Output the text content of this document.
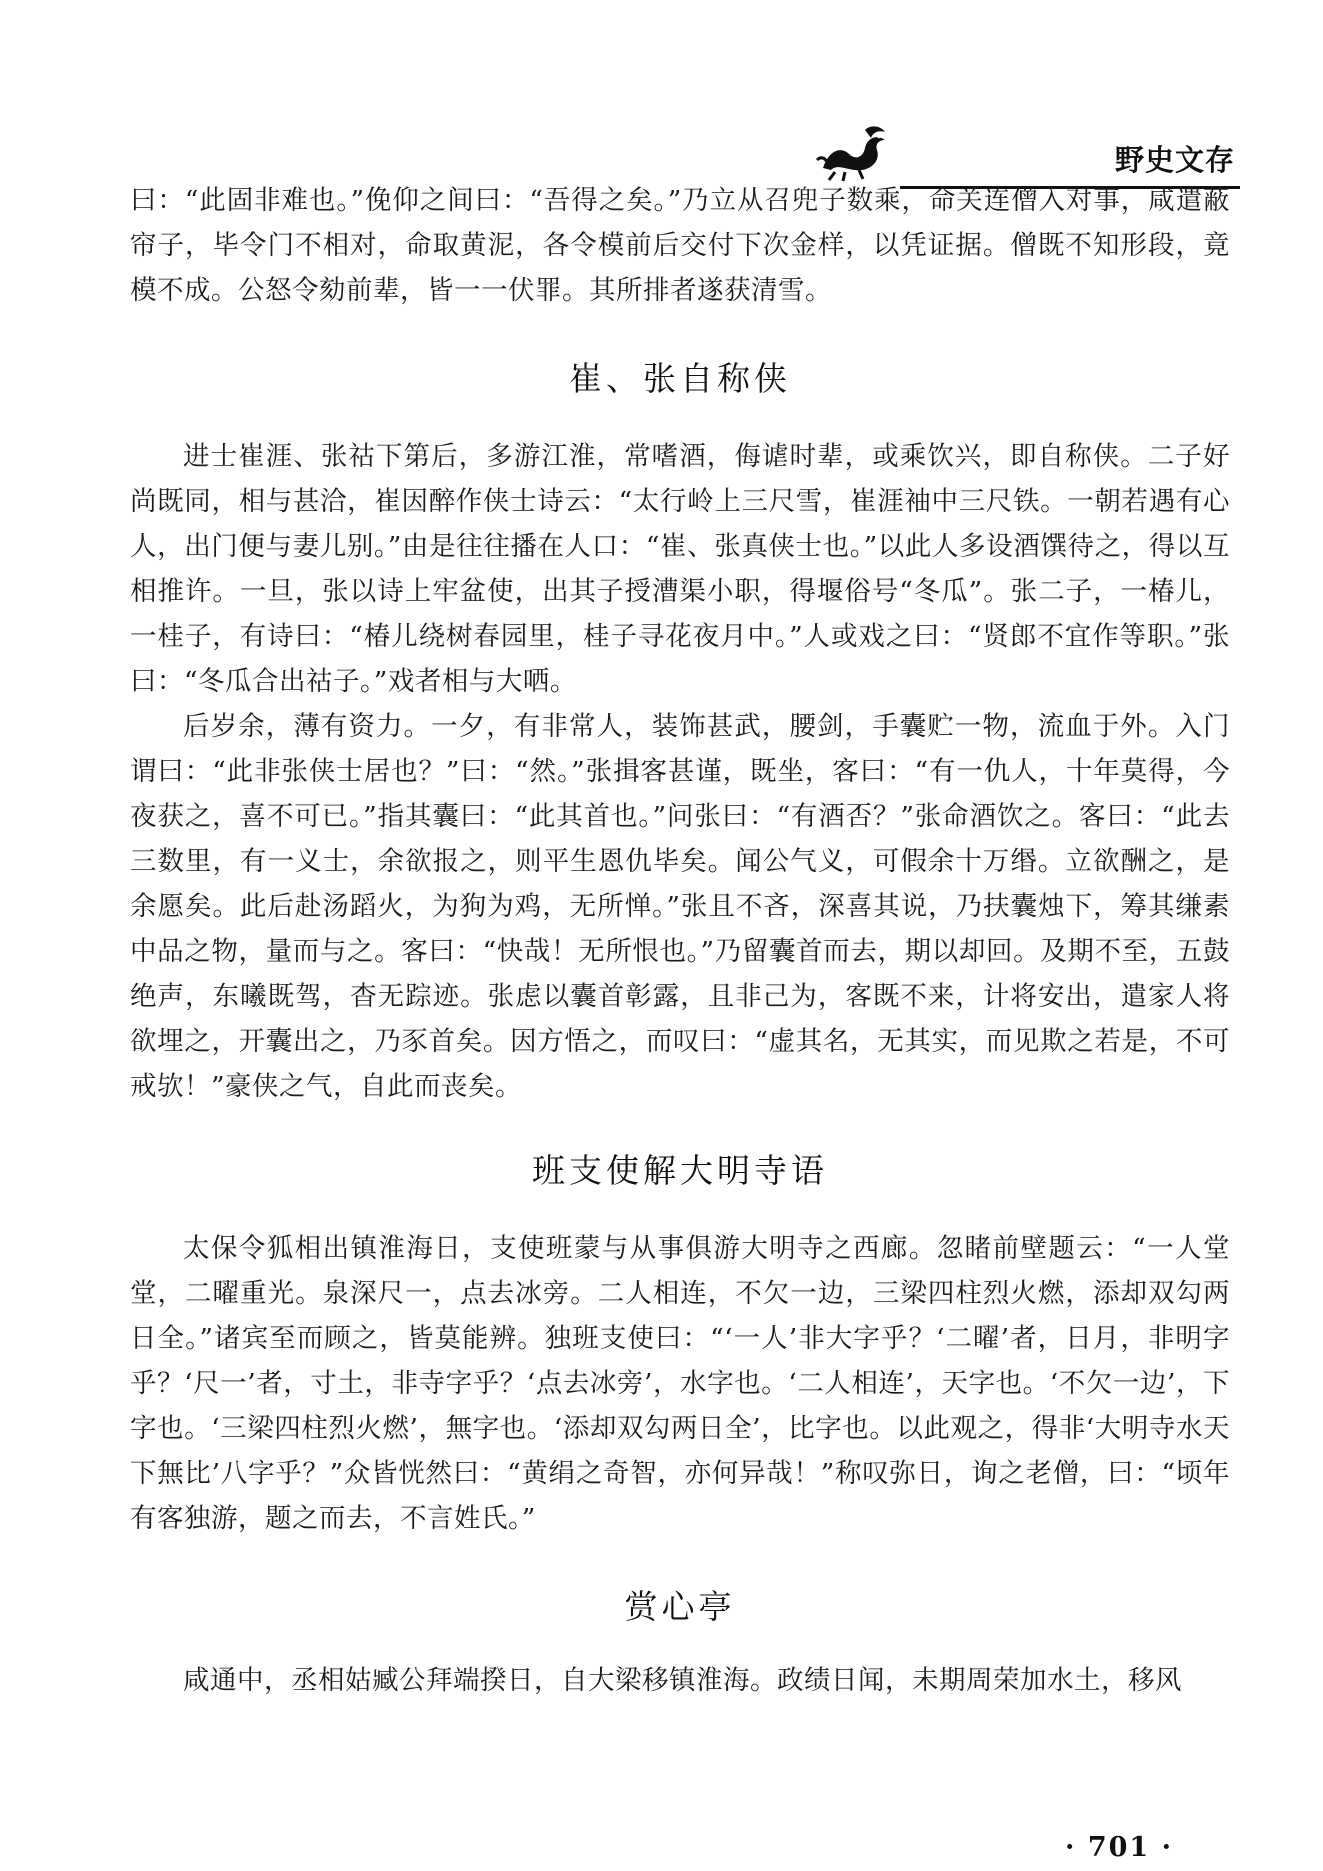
野史文存

曰：“此固非难也。”俛仰之间曰：“吾得之矣。”乃立从召兜子数乘，命关连僧入对事，咸遣蔽帘子，毕令门不相对，命取黄泥，各令模前后交付下次金样，以凭证据。僧既不知形段，竟模不成。公怒令劾前辈，皆一一伏罪。其所排者遂获清雪。

崔、张自称侠

进士崔涯、张祜下第后，多游江淮，常嗜酒，侮谑时辈，或乘饮兴，即自称侠。二子好尚既同，相与甚洽，崔因醉作侠士诗云：“太行岭上三尺雪，崔涯袖中三尺铁。一朝若遇有心人，出门便与妻儿别。”由是往往播在人口：“崔、张真侠士也。”以此人多设酒馔待之，得以互相推许。一旦，张以诗上牢盆使，出其子授漕渠小职，得堰俗号“冬瓜”。张二子，一椿儿，一桂子，有诗曰：“椿儿绕树春园里，桂子寻花夜月中。”人或戏之曰：“贤郎不宜作等职。”张曰：“冬瓜合出祜子。”戏者相与大哂。

后岁余，薄有资力。一夕，有非常人，装饰甚武，腰剑，手囊贮一物，流血于外。入门谓曰：“此非张侠士居也？”曰：“然。”张揖客甚谨，既坐，客曰：“有一仇人，十年莫得，今夜获之，喜不可已。”指其囊曰：“此其首也。”问张曰：“有酒否？”张命酒饮之。客曰：“此去三数里，有一义士，余欲报之，则平生恩仇毕矣。闻公气义，可假余十万缗。立欲酬之，是余愿矣。此后赴汤蹈火，为狗为鸡，无所惮。”张且不吝，深喜其说，乃扶囊烛下，筹其缣素中品之物，量而与之。客曰：“快哉！无所恨也。”乃留囊首而去，期以却回。及期不至，五鼓绝声，东曦既驾，杳无踪迹。张虑以囊首彰露，且非己为，客既不来，计将安出，遣家人将欲埋之，开囊出之，乃豕首矣。因方悟之，而叹曰：“虚其名，无其实，而见欺之若是，不可戒欤！”豪侠之气，自此而丧矣。

班支使解大明寺语

太保令狐相出镇淮海日，支使班蒙与从事俱游大明寺之西廊。忽睹前壁题云：“一人堂堂，二曜重光。泉深尺一，点去冰旁。二人相连，不欠一边，三梁四柱烈火燃，添却双勾两日全。”诸宾至而顾之，皆莫能辨。独班支使曰：“‘一人’非大字乎？‘二曜’者，日月，非明字乎？‘尺一’者，寸土，非寺字乎？‘点去冰旁’，水字也。‘二人相连’，天字也。‘不欠一边’，下字也。‘三梁四柱烈火燃’，無字也。‘添却双勾两日全’，比字也。以此观之，得非‘大明寺水天下無比’八字乎？”众皆恍然曰：“黄绢之奇智，亦何异哉！”称叹弥日，询之老僧，曰：“顷年有客独游，题之而去，不言姓氏。”

赏心亭

咸通中，丞相姑臧公拜端揆日，自大梁移镇淮海。政绩日闻，未期周荣加水土，移风

· 701 ·
